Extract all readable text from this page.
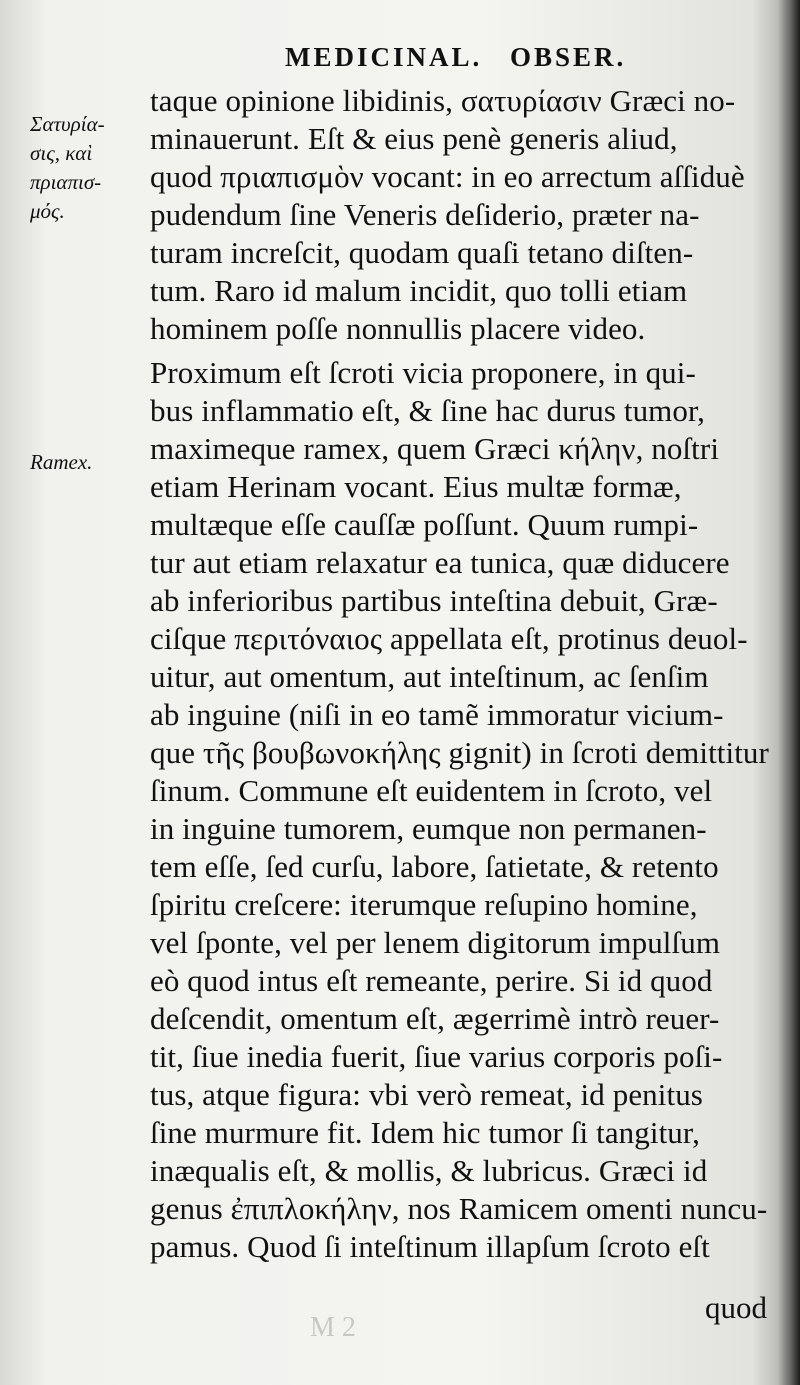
MEDICINAL. OBSER.
Σατυρία-
σις, καὶ
πριαπισ-
μός.
Ramex.
taque opinione libidinis, σατυρίασιν Græci no-
minauerunt. Eſt & eius penè generis aliud,
quod πριαπισμὸν vocant: in eo arrectum aſſiduè
pudendum ſine Veneris deſiderio, præter na-
turam increſcit, quodam quaſi tetano diſten-
tum. Raro id malum incidit, quo tolli etiam
hominem poſſe nonnullis placere video.
Proximum eſt ſcroti vicia proponere, in qui-
bus inflammatio eſt, & ſine hac durus tumor,
maximeque ramex, quem Græci κήλην, noſtri
etiam Herinam vocant. Eius multæ formæ,
multæque eſſe cauſſæ poſſunt. Quum rumpi-
tur aut etiam relaxatur ea tunica, quæ diducere
ab inferioribus partibus inteſtina debuit, Græ-
ciſque περιτόναιος appellata eſt, protinus deuol-
uitur, aut omentum, aut inteſtinum, ac ſenſim
ab inguine (niſi in eo tamẽ immoratur vicium-
que τῆς βουβωνοκήλης gignit) in ſcroti demittitur
ſinum. Commune eſt euidentem in ſcroto, vel
in inguine tumorem, eumque non permanen-
tem eſſe, ſed curſu, labore, ſatietate, & retento
ſpiritu creſcere: iterumque reſupino homine,
vel ſponte, vel per lenem digitorum impulſum
eò quod intus eſt remeante, perire. Si id quod
deſcendit, omentum eſt, ægerrimè intrò reuer-
tit, ſiue inedia fuerit, ſiue varius corporis poſi-
tus, atque figura: vbi verò remeat, id penitus
ſine murmure fit. Idem hic tumor ſi tangitur,
inæqualis eſt, & mollis, & lubricus. Græci id
genus ἐπιπλοκήλην, nos Ramicem omenti nuncu-
pamus. Quod ſi inteſtinum illapſum ſcroto eſt
M 2
quod
